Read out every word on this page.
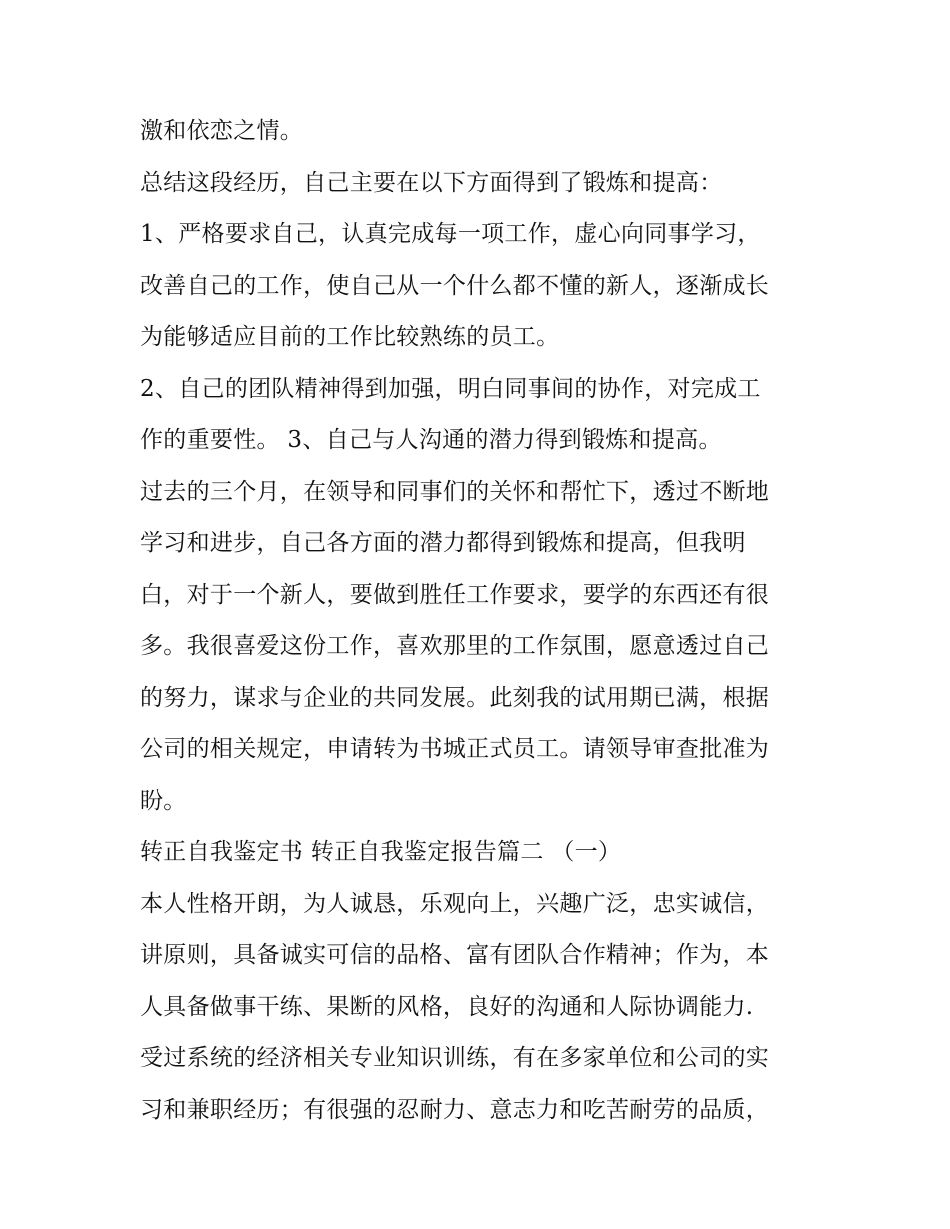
激和依恋之情。
总结这段经历，自己主要在以下方面得到了锻炼和提高：
1、严格要求自己，认真完成每一项工作，虚心向同事学习，
改善自己的工作，使自己从一个什么都不懂的新人，逐渐成长
为能够适应目前的工作比较熟练的员工。
2、自己的团队精神得到加强，明白同事间的协作，对完成工
作的重要性。 3、自己与人沟通的潜力得到锻炼和提高。
过去的三个月，在领导和同事们的关怀和帮忙下，透过不断地
学习和进步，自己各方面的潜力都得到锻炼和提高，但我明
白，对于一个新人，要做到胜任工作要求，要学的东西还有很
多。我很喜爱这份工作，喜欢那里的工作氛围，愿意透过自己
的努力，谋求与企业的共同发展。此刻我的试用期已满，根据
公司的相关规定，申请转为书城正式员工。请领导审查批准为
盼。
转正自我鉴定书 转正自我鉴定报告篇二 （一）
本人性格开朗，为人诚恳，乐观向上，兴趣广泛，忠实诚信，
讲原则，具备诚实可信的品格、富有团队合作精神；作为，本
人具备做事干练、果断的风格，良好的沟通和人际协调能力.
受过系统的经济相关专业知识训练，有在多家单位和公司的实
习和兼职经历；有很强的忍耐力、意志力和吃苦耐劳的品质，
